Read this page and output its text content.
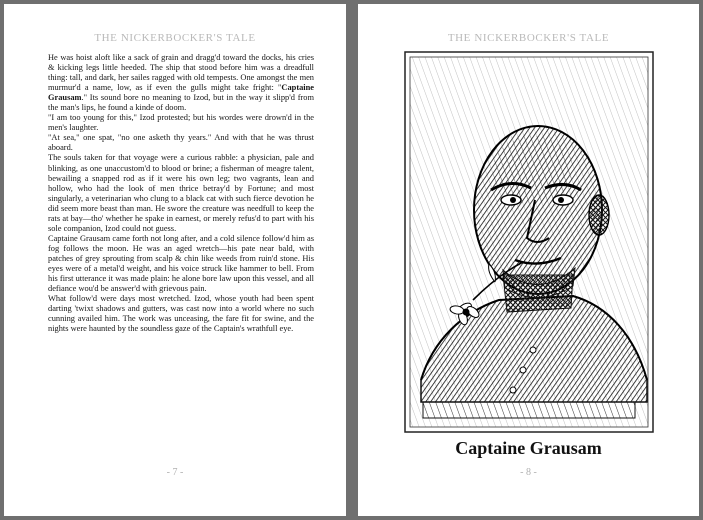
THE NICKERBOCKER'S TALE

He was hoist aloft like a sack of grain and dragg'd toward the docks, his cries & kicking legs little heeded. The ship that stood before him was a dreadfull thing: tall, and dark, her sailes ragged with old tempests. One amongst the men murmur'd a name, low, as if even the gulls might take fright: "Captaine Grausam." Its sound bore no meaning to Izod, but in the way it slipp'd from the man's lips, he found a kinde of doom.

"I am too young for this," Izod protested; but his wordes were drown'd in the men's laughter.

"At sea," one spat, "no one asketh thy years." And with that he was thrust aboard.

The souls taken for that voyage were a curious rabble: a physician, pale and blinking, as one unaccustom'd to blood or brine; a fisherman of meagre talent, bewailing a snapped rod as if it were his own leg; two vagrants, lean and hollow, who had the look of men thrice betray'd by Fortune; and most singularly, a veterinarian who clung to a black cat with such fierce devotion he did seem more beast than man. He swore the creature was needfull to keep the rats at bay—tho' whether he spake in earnest, or merely refus'd to part with his sole companion, Izod could not guess.

Captaine Grausam came forth not long after, and a cold silence follow'd him as fog follows the moon. He was an aged wretch—his pate near bald, with patches of grey sprouting from scalp & chin like weeds from ruin'd stone. His eyes were of a metal'd weight, and his voice struck like hammer to bell. From his first utterance it was made plain: he alone bore law upon this vessel, and all defiance wou'd be answer'd with grievous pain.

What follow'd were days most wretched. Izod, whose youth had been spent darting 'twixt shadows and gutters, was cast now into a world where no such cunning availed him. The work was unceasing, the fare fit for swine, and the nights were haunted by the soundless gaze of the Captain's wrathfull eye.

- 7 -
THE NICKERBOCKER'S TALE
Captaine Grausam
- 8 -
